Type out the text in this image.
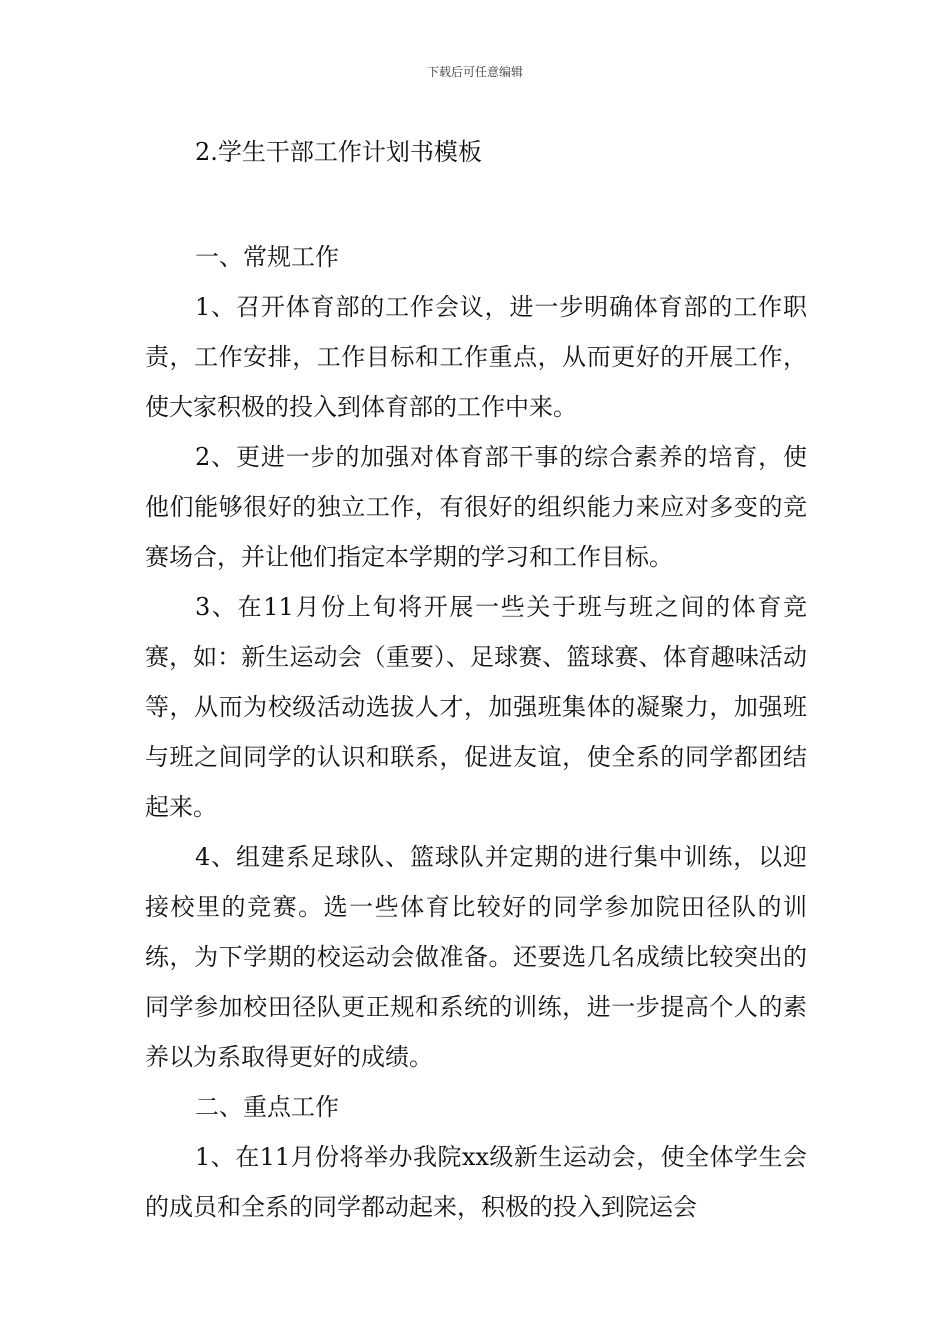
下载后可任意编辑
2.学生干部工作计划书模板

一、常规工作

1、召开体育部的工作会议，进一步明确体育部的工作职责，工作安排，工作目标和工作重点，从而更好的开展工作，使大家积极的投入到体育部的工作中来。

2、更进一步的加强对体育部干事的综合素养的培育，使他们能够很好的独立工作，有很好的组织能力来应对多变的竞赛场合，并让他们指定本学期的学习和工作目标。

3、在11月份上旬将开展一些关于班与班之间的体育竞赛，如：新生运动会（重要）、足球赛、篮球赛、体育趣味活动等，从而为校级活动选拔人才，加强班集体的凝聚力，加强班与班之间同学的认识和联系，促进友谊，使全系的同学都团结起来。

4、组建系足球队、篮球队并定期的进行集中训练，以迎接校里的竞赛。选一些体育比较好的同学参加院田径队的训练，为下学期的校运动会做准备。还要选几名成绩比较突出的同学参加校田径队更正规和系统的训练，进一步提高个人的素养以为系取得更好的成绩。

二、重点工作

1、在11月份将举办我院xx级新生运动会，使全体学生会的成员和全系的同学都动起来，积极的投入到院运会
